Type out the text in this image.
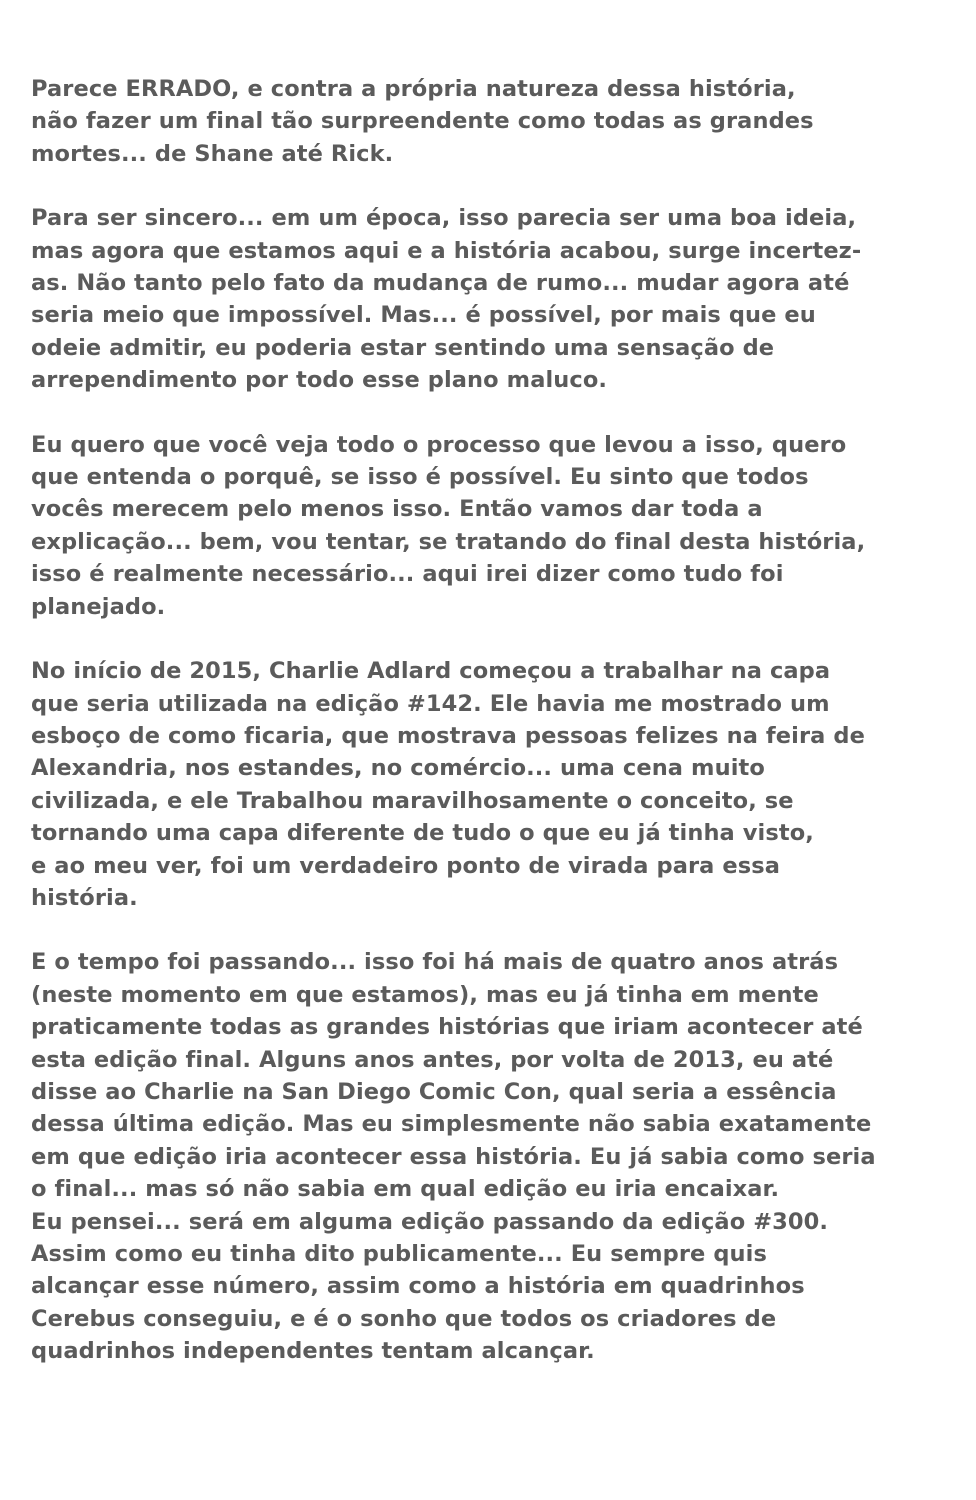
Parece ERRADO, e contra a própria natureza dessa história,
não fazer um final tão surpreendente como todas as grandes
mortes... de Shane até Rick.

Para ser sincero... em um época, isso parecia ser uma boa ideia,
mas agora que estamos aqui e a história acabou, surge incertez-
as. Não tanto pelo fato da mudança de rumo... mudar agora até
seria meio que impossível. Mas... é possível, por mais que eu
odeie admitir, eu poderia estar sentindo uma sensação de
arrependimento por todo esse plano maluco.

Eu quero que você veja todo o processo que levou a isso, quero
que entenda o porquê, se isso é possível. Eu sinto que todos
vocês merecem pelo menos isso. Então vamos dar toda a
explicação... bem, vou tentar, se tratando do final desta história,
isso é realmente necessário... aqui irei dizer como tudo foi
planejado.

No início de 2015, Charlie Adlard começou a trabalhar na capa
que seria utilizada na edição #142. Ele havia me mostrado um
esboço de como ficaria, que mostrava pessoas felizes na feira de
Alexandria, nos estandes, no comércio... uma cena muito
civilizada, e ele Trabalhou maravilhosamente o conceito, se
tornando uma capa diferente de tudo o que eu já tinha visto,
e ao meu ver, foi um verdadeiro ponto de virada para essa
história.

E o tempo foi passando... isso foi há mais de quatro anos atrás
(neste momento em que estamos), mas eu já tinha em mente
praticamente todas as grandes histórias que iriam acontecer até
esta edição final. Alguns anos antes, por volta de 2013, eu até
disse ao Charlie na San Diego Comic Con, qual seria a essência
dessa última edição. Mas eu simplesmente não sabia exatamente
em que edição iria acontecer essa história. Eu já sabia como seria
o final... mas só não sabia em qual edição eu iria encaixar.
Eu pensei... será em alguma edição passando da edição #300.
Assim como eu tinha dito publicamente... Eu sempre quis
alcançar esse número, assim como a história em quadrinhos
Cerebus conseguiu, e é o sonho que todos os criadores de
quadrinhos independentes tentam alcançar.
